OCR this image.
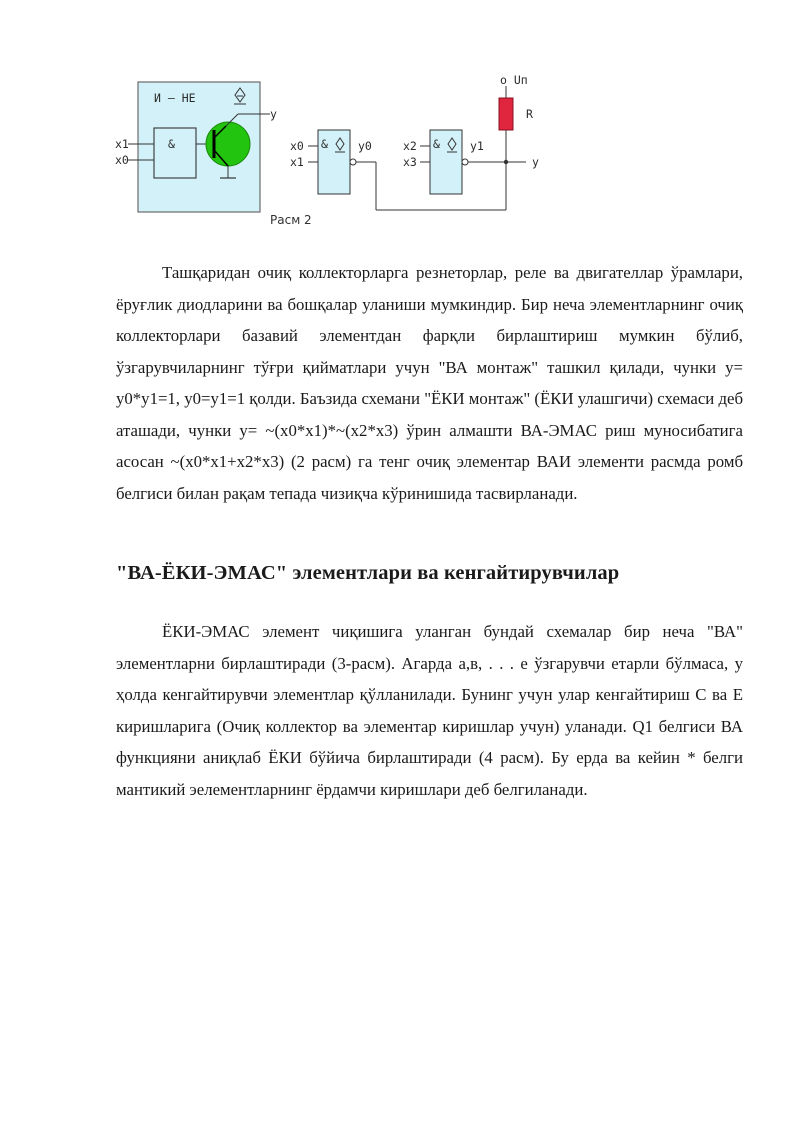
И – НЕ
&
x1
x0
y
&
x0
x1
y0	&
x2
x3
y1
o Uп
R
y
Расм 2

Ташқаридан очиқ коллекторларга резнеторлар, реле ва двигателлар ўрамлари, ёруғлик диодларини ва бошқалар уланиши мумкиндир. Бир неча элементларнинг очиқ коллекторлари базавий элементдан фарқли бирлаштириш мумкин бўлиб, ўзгарувчиларнинг тўғри қийматлари учун "ВА монтаж" ташкил қилади, чунки у= у0*у1=1, у0=у1=1 қолди. Баъзида схемани "ЁКИ монтаж" (ЁКИ улашгичи) схемаси деб аташади, чунки у= ~(х0*х1)*~(х2*х3) ўрин алмашти ВА-ЭМАС риш муносибатига асосан ~(х0*х1+х2*х3) (2 расм) га тенг очиқ элементар ВАИ элементи расмда ромб белгиси билан рақам тепада чизиқча кўринишида тасвирланади.

"ВА-ЁКИ-ЭМАС" элементлари ва кенгайтирувчилар

ЁКИ-ЭМАС элемент чиқишига уланган бундай схемалар бир неча "ВА" элементларни бирлаштиради (3-расм). Агарда а,в, . . . е ўзгарувчи етарли бўлмаса, у ҳолда кенгайтирувчи элементлар қўлланилади. Бунинг учун улар кенгайтириш С ва Е киришларига (Очиқ коллектор ва элементар киришлар учун) уланади. Q1 белгиси ВА функцияни аниқлаб ЁКИ бўйича бирлаштиради (4 расм). Бу ерда ва кейин * белги мантикий эелементларнинг ёрдамчи киришлари деб белгиланади.
